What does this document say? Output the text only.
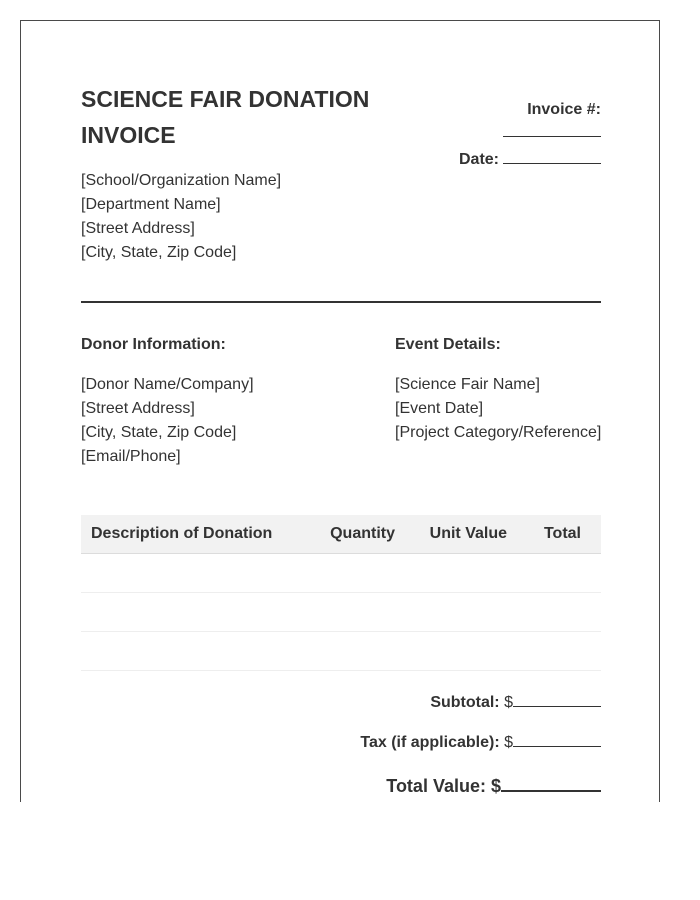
SCIENCE FAIR DONATION INVOICE
[School/Organization Name]
[Department Name]
[Street Address]
[City, State, Zip Code]
Invoice #:
Date:
Donor Information:
[Donor Name/Company]
[Street Address]
[City, State, Zip Code]
[Email/Phone]
Event Details:
[Science Fair Name]
[Event Date]
[Project Category/Reference]
Description of Donation	Quantity	Unit Value	Total
Subtotal: $
Tax (if applicable): $
Total Value: $
